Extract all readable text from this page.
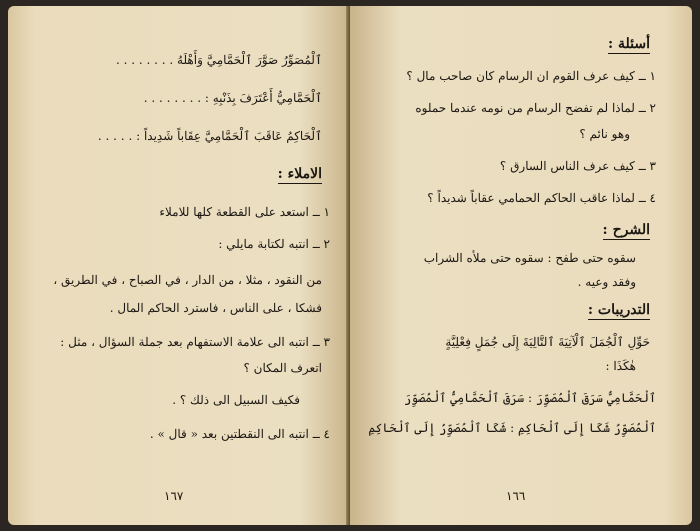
ٱلْمُصَوِّرُ صَوَّرَ ٱلْحَمَّامِيَّ وَأَهْلَهُ . . . . . . . .
ٱلْحَمَّامِيُّ أَعْتَرَفَ بِذَنْبِهِ : . . . . . . . .
ٱلْحَاكِمُ عَاقَبَ ٱلْحَمَّامِيَّ عِقَاباً شَدِيداً : . . . . .
الاملاء :
١ ــ استعد على القطعة كلها للاملاء
٢ ــ انتبه لكتابة مايلي :
من النقود ، مثلا ، من الدار ، في الصباح ، في الطريق ،
فشكا ، على الناس ، فاسترد الحاكم المال .
٣ ــ انتبه الى علامة الاستفهام بعد جملة السؤال ، مثل :
اتعرف المكان ؟
فكيف السبيل الى ذلك ؟ .
٤ ــ انتبه الى النقطتين بعد « قال » .
١٦٧
أسئلة :
١ ــ كيف عرف القوم ان الرسام كان صاحب مال ؟
٢ ــ لماذا لم تفضح الرسام من نومه عندما حملوه
وهو نائم ؟
٣ ــ كيف عرف الناس السارق ؟
٤ ــ لماذا عاقب الحاكم الحمامي عقاباً شديداً ؟
الشرح :
سقوه حتى طفح : سقوه حتى ملأه الشراب
وفقد وعيه .
التدريبات :
حَوِّلِ ٱلْجُمَلَ ٱلْآتِيَةَ ٱلتَّالِيَةَ إِلَى جُمَلٍ فِعْلِيَّةٍ
هٰكَذَا :
ٱلْحَمَّامِيُّ سَرَقَ ٱلْمُصَوِّرَ : سَرَقَ ٱلْحَمَّامِيُّ ٱلْمُصَوِّرَ
ٱلْمُصَوِّرُ شَكَا إِلَى ٱلْحَاكِمِ : شَكَا ٱلْمُصَوِّرُ إِلَى ٱلْحَاكِمِ
١٦٦
